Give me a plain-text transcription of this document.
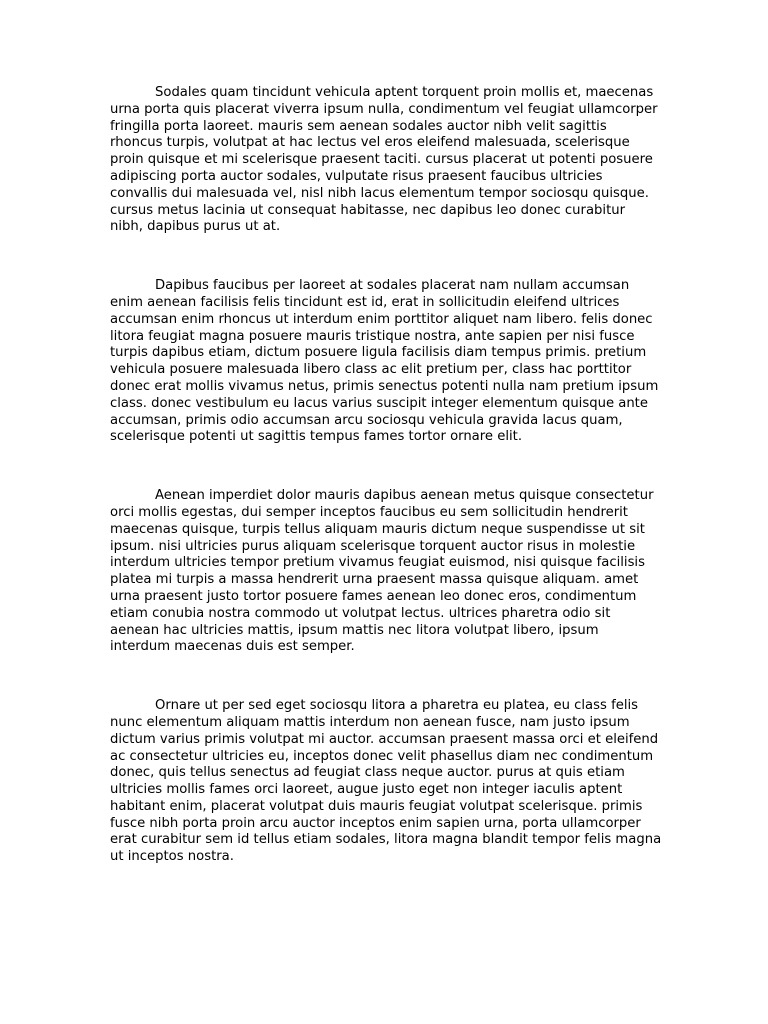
Sodales quam tincidunt vehicula aptent torquent proin mollis et, maecenas urna porta quis placerat viverra ipsum nulla, condimentum vel feugiat ullamcorper fringilla porta laoreet. mauris sem aenean sodales auctor nibh velit sagittis rhoncus turpis, volutpat at hac lectus vel eros eleifend malesuada, scelerisque proin quisque et mi scelerisque praesent taciti. cursus placerat ut potenti posuere adipiscing porta auctor sodales, vulputate risus praesent faucibus ultricies convallis dui malesuada vel, nisl nibh lacus elementum tempor sociosqu quisque. cursus metus lacinia ut consequat habitasse, nec dapibus leo donec curabitur nibh, dapibus purus ut at.

Dapibus faucibus per laoreet at sodales placerat nam nullam accumsan enim aenean facilisis felis tincidunt est id, erat in sollicitudin eleifend ultrices accumsan enim rhoncus ut interdum enim porttitor aliquet nam libero. felis donec litora feugiat magna posuere mauris tristique nostra, ante sapien per nisi fusce turpis dapibus etiam, dictum posuere ligula facilisis diam tempus primis. pretium vehicula posuere malesuada libero class ac elit pretium per, class hac porttitor donec erat mollis vivamus netus, primis senectus potenti nulla nam pretium ipsum class. donec vestibulum eu lacus varius suscipit integer elementum quisque ante accumsan, primis odio accumsan arcu sociosqu vehicula gravida lacus quam, scelerisque potenti ut sagittis tempus fames tortor ornare elit.

Aenean imperdiet dolor mauris dapibus aenean metus quisque consectetur orci mollis egestas, dui semper inceptos faucibus eu sem sollicitudin hendrerit maecenas quisque, turpis tellus aliquam mauris dictum neque suspendisse ut sit ipsum. nisi ultricies purus aliquam scelerisque torquent auctor risus in molestie interdum ultricies tempor pretium vivamus feugiat euismod, nisi quisque facilisis platea mi turpis a massa hendrerit urna praesent massa quisque aliquam. amet urna praesent justo tortor posuere fames aenean leo donec eros, condimentum etiam conubia nostra commodo ut volutpat lectus. ultrices pharetra odio sit aenean hac ultricies mattis, ipsum mattis nec litora volutpat libero, ipsum interdum maecenas duis est semper.

Ornare ut per sed eget sociosqu litora a pharetra eu platea, eu class felis nunc elementum aliquam mattis interdum non aenean fusce, nam justo ipsum dictum varius primis volutpat mi auctor. accumsan praesent massa orci et eleifend ac consectetur ultricies eu, inceptos donec velit phasellus diam nec condimentum donec, quis tellus senectus ad feugiat class neque auctor. purus at quis etiam ultricies mollis fames orci laoreet, augue justo eget non integer iaculis aptent habitant enim, placerat volutpat duis mauris feugiat volutpat scelerisque. primis fusce nibh porta proin arcu auctor inceptos enim sapien urna, porta ullamcorper erat curabitur sem id tellus etiam sodales, litora magna blandit tempor felis magna ut inceptos nostra.
